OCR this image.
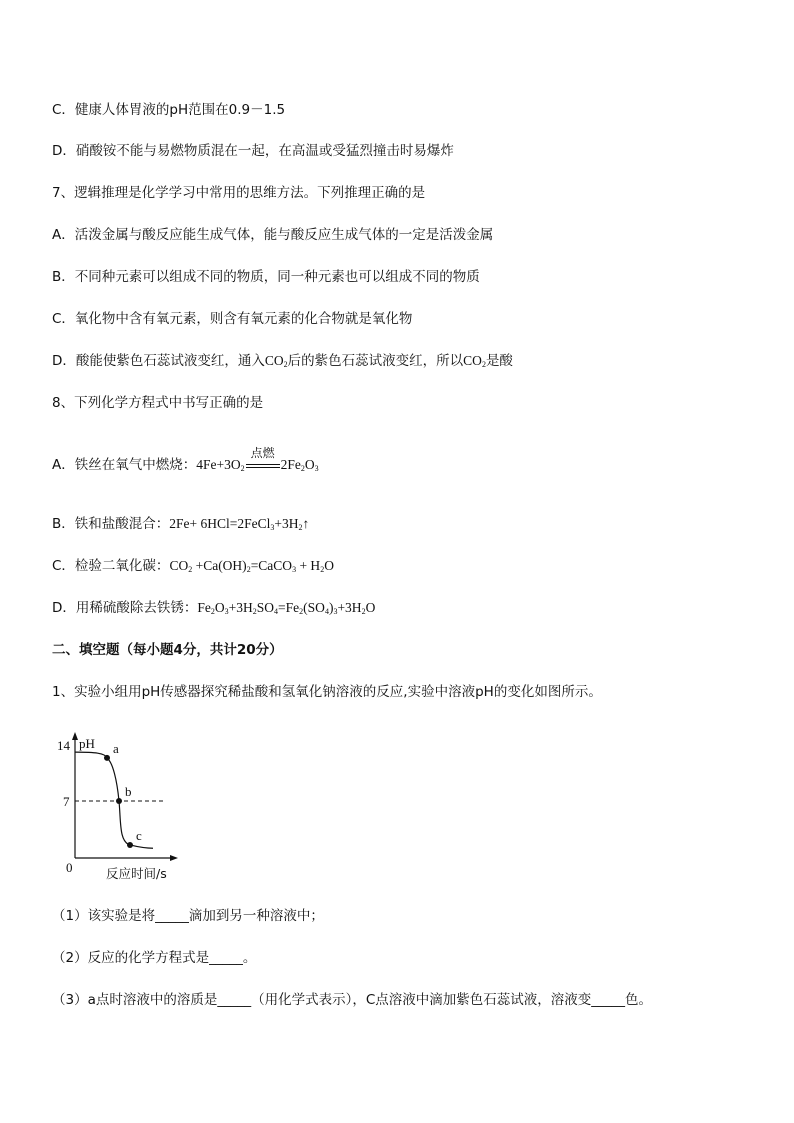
C．健康人体胃液的pH范围在0.9－1.5
D．硝酸铵不能与易燃物质混在一起，在高温或受猛烈撞击时易爆炸
7、逻辑推理是化学学习中常用的思维方法。下列推理正确的是
A．活泼金属与酸反应能生成气体，能与酸反应生成气体的一定是活泼金属
B．不同种元素可以组成不同的物质，同一种元素也可以组成不同的物质
C．氧化物中含有氧元素，则含有氧元素的化合物就是氧化物
D．酸能使紫色石蕊试液变红，通入$CO_2$后的紫色石蕊试液变红，所以$CO_2$是酸
8、下列化学方程式中书写正确的是
A．铁丝在氧气中燃烧：$4Fe+3O_2$
点燃
$2Fe_2O_3$
B．铁和盐酸混合：$2Fe+ 6HCl=2FeCl_3+3H_2↑$
C．检验二氧化碳：$CO_2$ $+Ca(OH)_2=CaCO_3 + H_2O$
D．用稀硫酸除去铁锈：$Fe_2O_3+3H_2SO_4=Fe_2(SO_4)_3+3H_2O$
二、填空题（每小题4分，共计20分）
1、实验小组用pH传感器探究稀盐酸和氢氧化钠溶液的反应,实验中溶液pH的变化如图所示。
a
b
c
14 pH
7
0	反应时间/s
（1）该实验是将_____滴加到另一种溶液中；
（2）反应的化学方程式是_____。
（3）a点时溶液中的溶质是_____（用化学式表示），C点溶液中滴加紫色石蕊试液，溶液变_____色。
